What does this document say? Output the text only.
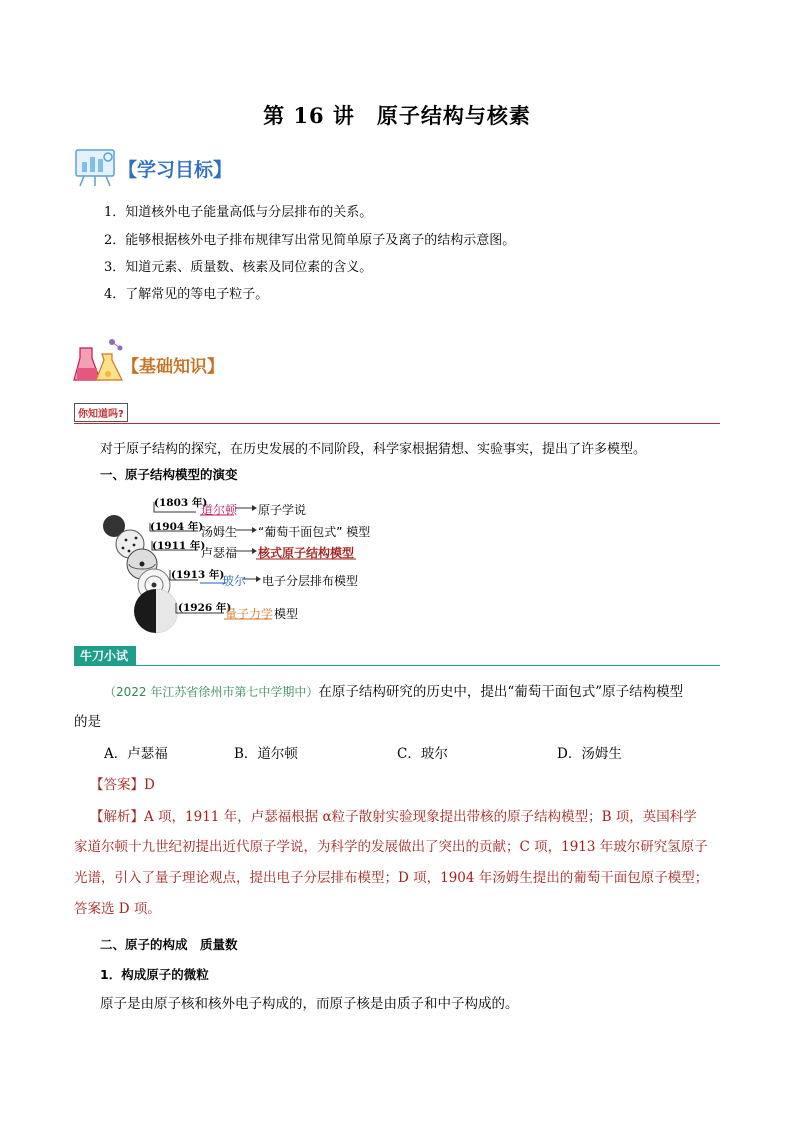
第 16 讲　原子结构与核素
【学习目标】
1．知道核外电子能量高低与分层排布的关系。
2．能够根据核外电子排布规律写出常见简单原子及离子的结构示意图。
3．知道元素、质量数、核素及同位素的含义。
4．了解常见的等电子粒子。
【基础知识】
你知道吗?
对于原子结构的探究，在历史发展的不同阶段，科学家根据猜想、实验事实，提出了许多模型。
一、原子结构模型的演变
(1803 年)
道尔顿 原子学说
(1904 年)
汤姆生 “葡萄干面包式” 模型
(1911 年)
卢瑟福 核式原子结构模型
(1913 年)
玻尔 电子分层排布模型
(1926 年)
量子力学 模型
牛刀小试
（2022 年江苏省徐州市第七中学期中）在原子结构研究的历史中，提出“葡萄干面包式”原子结构模型
的是
A．卢瑟福	B．道尔顿	C．玻尔	D．汤姆生
【答案】D
【解析】A 项，1911 年，卢瑟福根据 α粒子散射实验现象提出带核的原子结构模型；B 项，英国科学
家道尔顿十九世纪初提出近代原子学说，为科学的发展做出了突出的贡献；C 项，1913 年玻尔研究氢原子
光谱，引入了量子理论观点，提出电子分层排布模型；D 项，1904 年汤姆生提出的葡萄干面包原子模型；
答案选 D 项。
二、原子的构成　质量数
1．构成原子的微粒
原子是由原子核和核外电子构成的，而原子核是由质子和中子构成的。
